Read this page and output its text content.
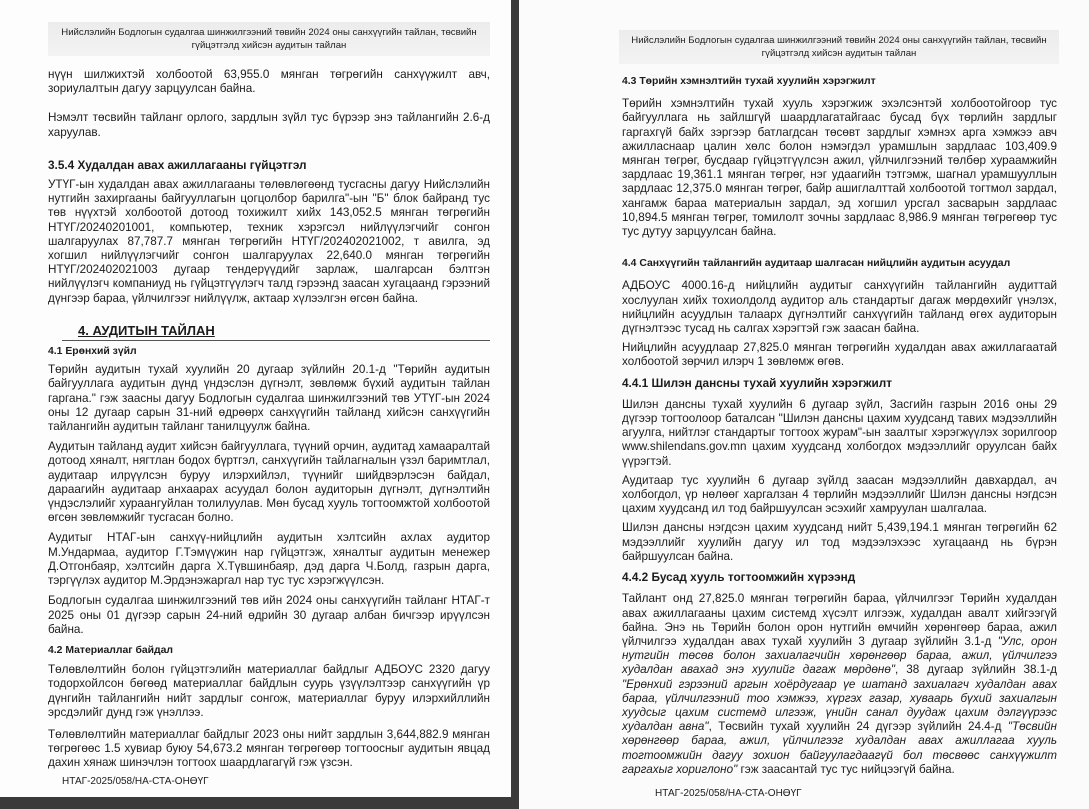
Нийслэлийн Бодлогын судалгаа шинжилгээний төвийн 2024 оны санхүүгийн тайлан, төсвийн гүйцэтгэлд хийсэн аудитын тайлан

нүүн шилжихтэй холбоотой 63,955.0 мянган төгрөгийн санхүүжилт авч, зориулалтын дагуу зарцуулсан байна.

Нэмэлт төсвийн тайланг орлого, зардлын зүйл тус бүрээр энэ тайлангийн 2.6-д харуулав.

3.5.4 Худалдан авах ажиллагааны гүйцэтгэл

УТҮГ-ын худалдан авах ажиллагааны төлөвлөгөөнд тусгасны дагуу Нийслэлийн нутгийн захиргааны байгууллагын цогцолбор барилга"-ын "Б" блок байранд тус төв нүүхтэй холбоотой дотоод тохижилт хийх 143,052.5 мянган төгрөгийн НТҮГ/20240201001, компьютер, техник хэрэгсэл нийлүүлэгчийг сонгон шалгаруулах 87,787.7 мянган төгрөгийн НТҮГ/202402021002, т авилга, эд хогшил нийлүүлэгчийг сонгон шалгаруулах 22,640.0 мянган төгрөгийн НТҮГ/202402021003 дугаар тендерүүдийг зарлаж, шалгарсан бэлтгэн нийлүүлэгч компаниуд нь гүйцэтгүүлэгч талд гэрээнд заасан хугацаанд гэрээний дүнгээр бараа, үйлчилгээг нийлүүлж, актаар хүлээлгэн өгсөн байна.

4. АУДИТЫН ТАЙЛАН

4.1 Ерөнхий зүйл

Төрийн аудитын тухай хуулийн 20 дугаар зүйлийн 20.1-д "Төрийн аудитын байгууллага аудитын дүнд үндэслэн дүгнэлт, зөвлөмж бүхий аудитын тайлан гаргана." гэж заасны дагуу Бодлогын судалгаа шинжилгээний төв УТҮГ-ын 2024 оны 12 дугаар сарын 31-ний өдрөөрх санхүүгийн тайланд хийсэн санхүүгийн тайлангийн аудитын тайланг танилцуулж байна.

Аудитын тайланд аудит хийсэн байгууллага, түүний орчин, аудитад хамааралтай дотоод хяналт, нягтлан бодох бүртгэл, санхүүгийн тайлагналын үзэл баримтлал, аудитаар илрүүлсэн буруу илэрхийлэл, түүнийг шийдвэрлэсэн байдал, дараагийн аудитаар анхаарах асуудал болон аудиторын дүгнэлт, дүгнэлтийн үндэслэлийг хураангуйлан толилуулав. Мөн бусад хууль тогтоомжтой холбоотой өгсөн зөвлөмжийг тусгасан болно.

Аудитыг НТАГ-ын санхүү-нийцлийн аудитын хэлтсийн ахлах аудитор М.Ундармаа, аудитор Г.Тэмүүжин нар гүйцэтгэж, хяналтыг аудитын менежер Д.Отгонбаяр, хэлтсийн дарга Х.Түвшинбаяр, дэд дарга Ч.Болд, газрын дарга, тэргүүлэх аудитор М.Эрдэнэжаргал нар тус тус хэрэгжүүлсэн.

Бодлогын судалгаа шинжилгээний төв ийн 2024 оны санхүүгийн тайланг НТАГ-т 2025 оны 01 дүгээр сарын 24-ний өдрийн 30 дугаар албан бичгээр ирүүлсэн байна.

4.2 Материаллаг байдал

Төлөвлөлтийн болон гүйцэтгэлийн материаллаг байдлыг АДБОУС 2320 дагуу тодорхойлсон бөгөөд материаллаг байдлын суурь үзүүлэлтээр санхүүгийн үр дүнгийн тайлангийн нийт зардлыг сонгож, материаллаг буруу илэрхийллийн эрсдэлийг дунд гэж үнэллээ.

Төлөвлөлтийн материаллаг байдлыг 2023 оны нийт зардлын 3,644,882.9 мянган төгрөгөөс 1.5 хувиар буюу 54,673.2 мянган төгрөгөөр тогтоосныг аудитын явцад дахин хянаж шинэчлэн тогтоох шаардлагагүй гэж үзсэн.

НТАГ-2025/058/НА-СТА-ОНӨҮГ

Нийслэлийн Бодлогын судалгаа шинжилгээний төвийн 2024 оны санхүүгийн тайлан, төсвийн гүйцэтгэлд хийсэн аудитын тайлан

4.3 Төрийн хэмнэлтийн тухай хуулийн хэрэгжилт

Төрийн хэмнэлтийн тухай хууль хэрэгжиж эхэлсэнтэй холбоотойгоор тус байгууллага нь зайлшгүй шаардлагатайгаас бусад бүх төрлийн зардлыг гаргахгүй байх зэргээр батлагдсан төсөвт зардлыг хэмнэх арга хэмжээ авч ажилласнаар цалин хөлс болон нэмэгдэл урамшлын зардлаас 103,409.9 мянган төгрөг, бусдаар гүйцэтгүүлсэн ажил, үйлчилгээний төлбөр хураамжийн зардлаас 19,361.1 мянган төгрөг, нэг удаагийн тэтгэмж, шагнал урамшууллын зардлаас 12,375.0 мянган төгрөг, байр ашиглалттай холбоотой тогтмол зардал, хангамж бараа материалын зардал, эд хогшил урсгал засварын зардлаас 10,894.5 мянган төгрөг, томилолт зочны зардлаас 8,986.9 мянган төгрөгөөр тус тус дутуу зарцуулсан байна.

4.4 Санхүүгийн тайлангийн аудитаар шалгасан нийцлийн аудитын асуудал

АДБОУС 4000.16-д нийцлийн аудитыг санхүүгийн тайлангийн аудиттай хослуулан хийх тохиолдолд аудитор аль стандартыг дагаж мөрдөхийг үнэлэх, нийцлийн асуудлын талаарх дүгнэлтийг санхүүгийн тайланд өгөх аудиторын дүгнэлтээс тусад нь салгах хэрэгтэй гэж заасан байна.

Нийцлийн асуудлаар 27,825.0 мянган төгрөгийн худалдан авах ажиллагаатай холбоотой зөрчил илэрч 1 зөвлөмж өгөв.

4.4.1 Шилэн дансны тухай хуулийн хэрэгжилт

Шилэн дансны тухай хуулийн 6 дугаар зүйл, Засгийн газрын 2016 оны 29 дүгээр тогтоолоор баталсан "Шилэн дансны цахим хуудсанд тавих мэдээллийн агуулга, нийтлэг стандартыг тогтоох журам"-ын заалтыг хэрэгжүүлэх зорилгоор www.shilendans.gov.mn цахим хуудсанд холбогдох мэдээллийг оруулсан байх үүрэгтэй.

Аудитаар тус хуулийн 6 дугаар зүйлд заасан мэдээллийн давхардал, ач холбогдол, үр нөлөөг харгалзан 4 төрлийн мэдээллийг Шилэн дансны нэгдсэн цахим хуудсанд ил тод байршуулсан эсэхийг хамруулан шалгалаа.

Шилэн дансны нэгдсэн цахим хуудсанд нийт 5,439,194.1 мянган төгрөгийн 62 мэдээллийг хуулийн дагуу ил тод мэдээлэхээс хугацаанд нь бүрэн байршуулсан байна.

4.4.2 Бусад хууль тогтоомжийн хүрээнд

Тайлант онд 27,825.0 мянган төгрөгийн бараа, үйлчилгээг Төрийн худалдан авах ажиллагааны цахим системд хүсэлт илгээж, худалдан авалт хийгээгүй байна. Энэ нь Төрийн болон орон нутгийн өмчийн хөрөнгөөр бараа, ажил үйлчилгээ худалдан авах тухай хуулийн 3 дугаар зүйлийн 3.1-д "Улс, орон нутгийн төсөв болон захиалагчийн хөрөнгөөр бараа, ажил, үйлчилгээ худалдан авахад энэ хуулийг дагаж мөрдөнө", 38 дугаар зүйлийн 38.1-д "Ерөнхий гэрээний аргын хоёрдугаар үе шатанд захиалагч худалдан авах бараа, үйлчилгээний тоо хэмжээ, хүргэх газар, хуваарь бүхий захиалгын хуудсыг цахим системд илгээж, үнийн санал дуудаж цахим дэлгүүрээс худалдан авна", Төсвийн тухай хуулийн 24 дүгээр зүйлийн 24.4-д "Төсвийн хөрөнгөөр бараа, ажил, үйлчилгээг худалдан авах ажиллагаа хууль тогтоомжийн дагуу зохион байгуулагдаагүй бол төсвөөс санхүүжилт гаргахыг хориглоно" гэж заасантай тус тус нийцээгүй байна.

НТАГ-2025/058/НА-СТА-ОНӨҮГ
